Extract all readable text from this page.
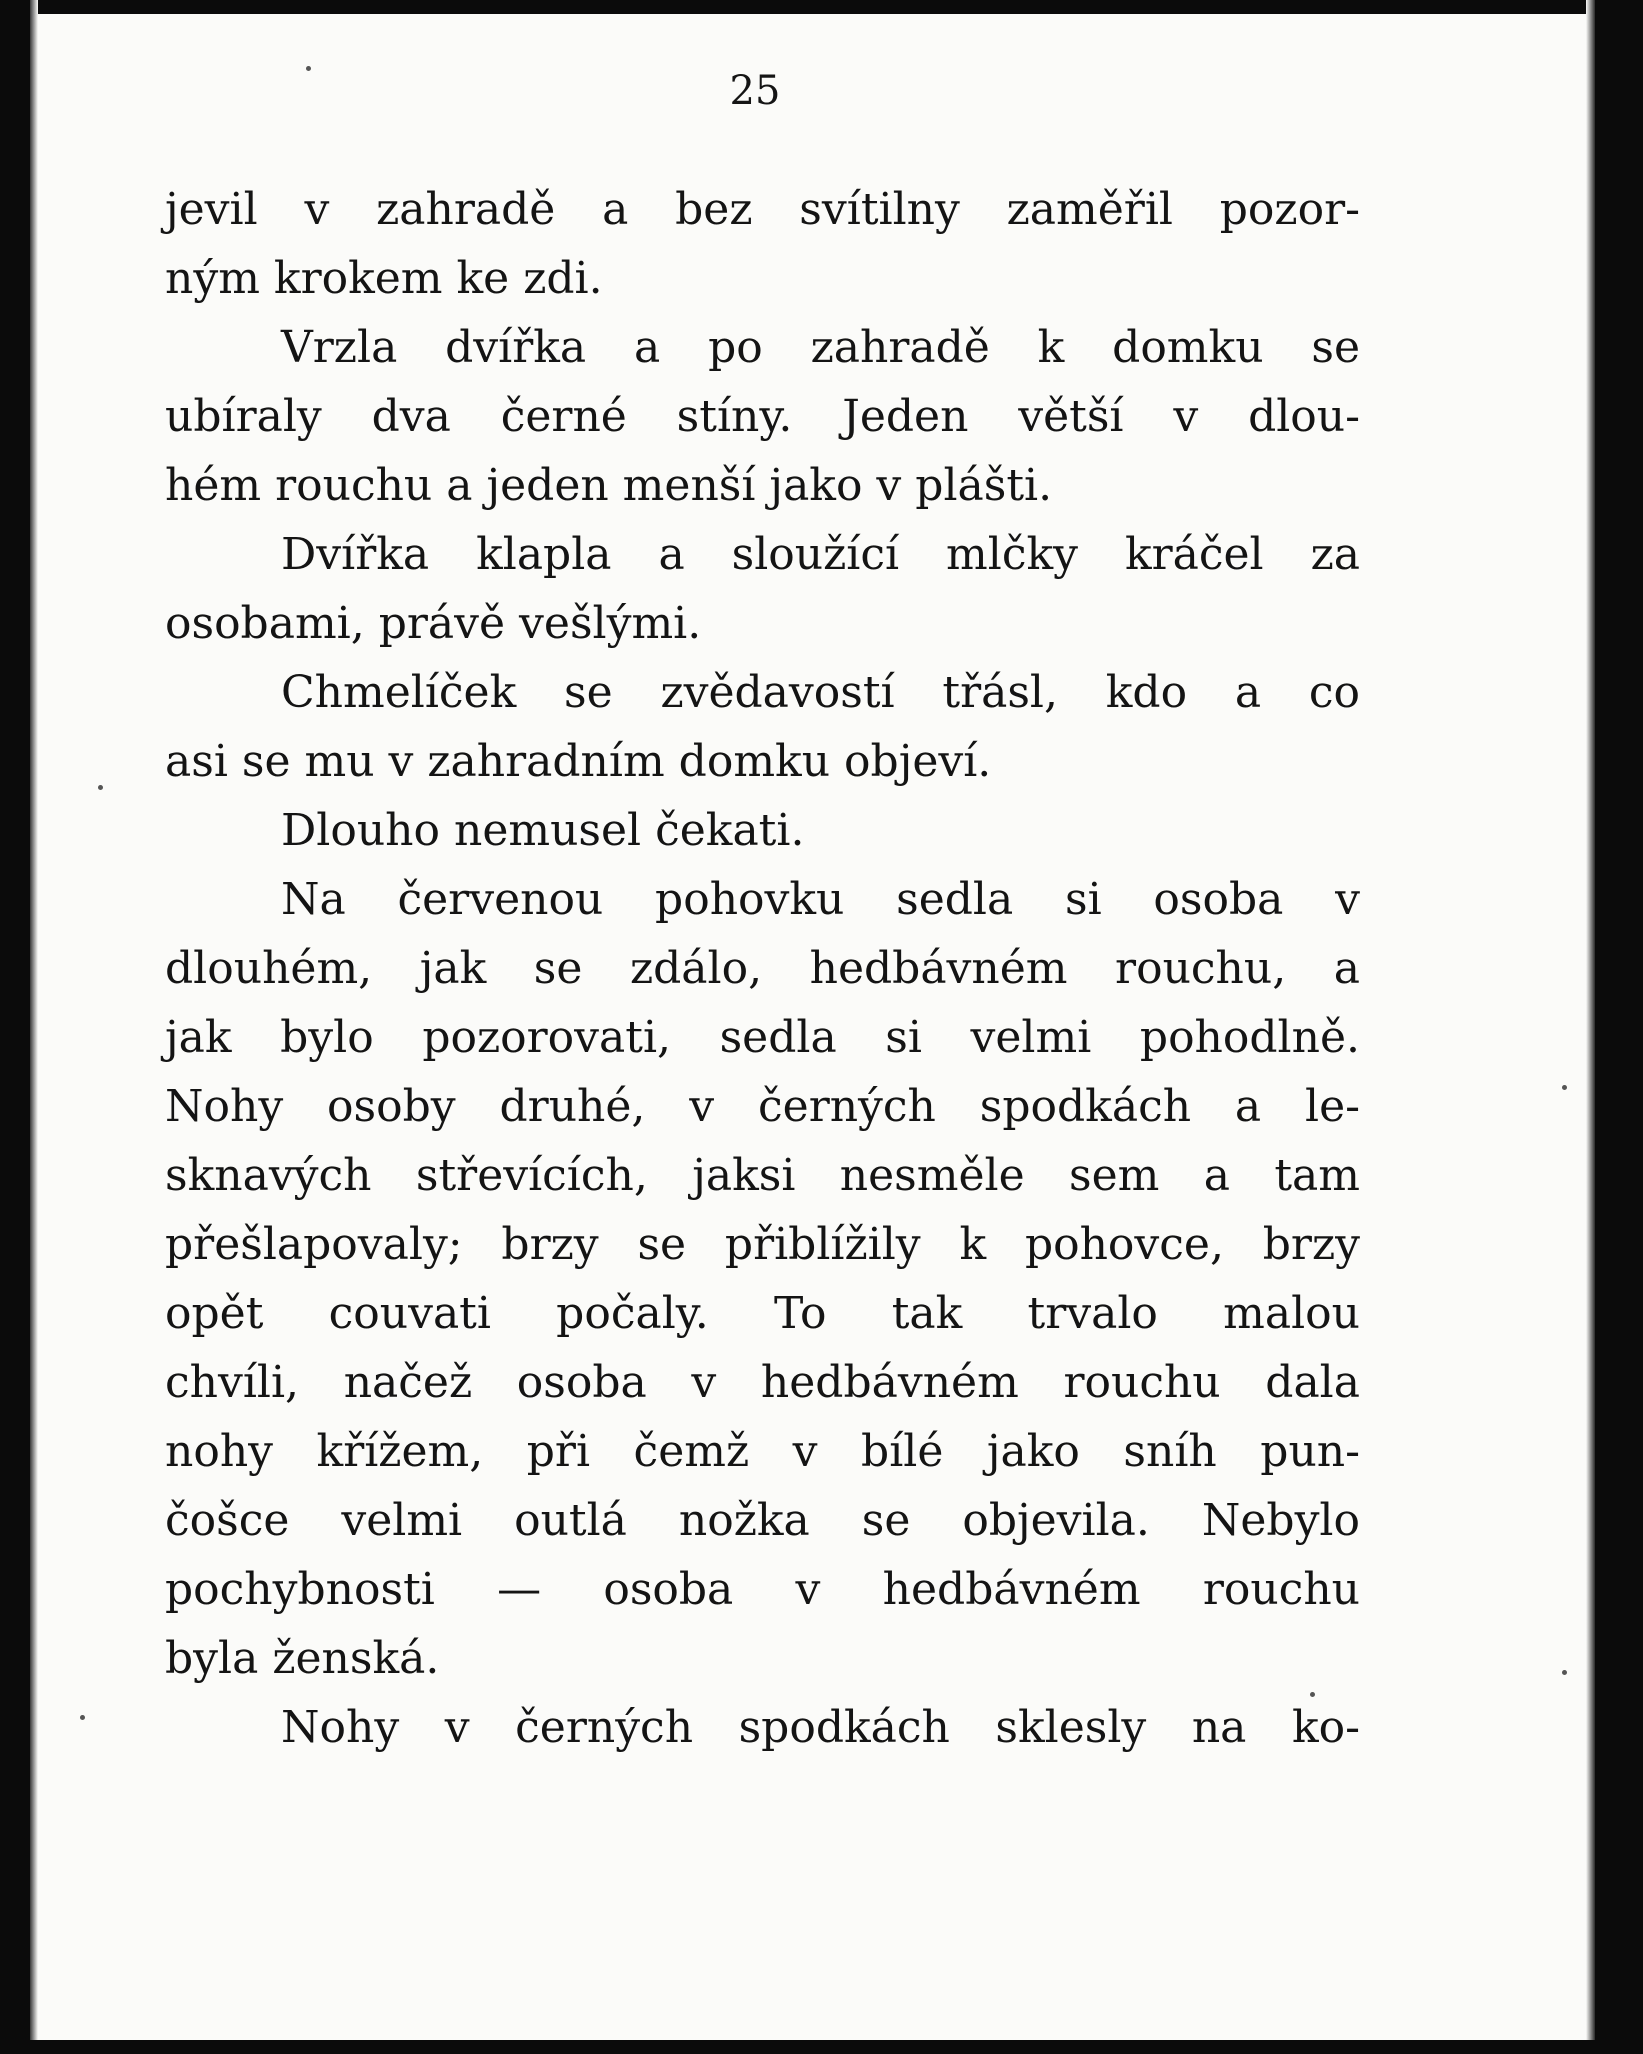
25
jevil v zahradě a bez svítilny zaměřil pozor-
ným krokem ke zdi.
Vrzla dvířka a po zahradě k domku se
ubíraly dva černé stíny. Jeden větší v dlou-
hém rouchu a jeden menší jako v plášti.
Dvířka klapla a sloužící mlčky kráčel za
osobami, právě vešlými.
Chmelíček se zvědavostí třásl, kdo a co
asi se mu v zahradním domku objeví.
Dlouho nemusel čekati.
Na červenou pohovku sedla si osoba v
dlouhém, jak se zdálo, hedbávném rouchu, a
jak bylo pozorovati, sedla si velmi pohodlně.
Nohy osoby druhé, v černých spodkách a le-
sknavých střevících, jaksi nesměle sem a tam
přešlapovaly; brzy se přiblížily k pohovce, brzy
opět couvati počaly. To tak trvalo malou
chvíli, načež osoba v hedbávném rouchu dala
nohy křížem, při čemž v bílé jako sníh pun-
čošce velmi outlá nožka se objevila. Nebylo
pochybnosti — osoba v hedbávném rouchu
byla ženská.
Nohy v černých spodkách sklesly na ko-
